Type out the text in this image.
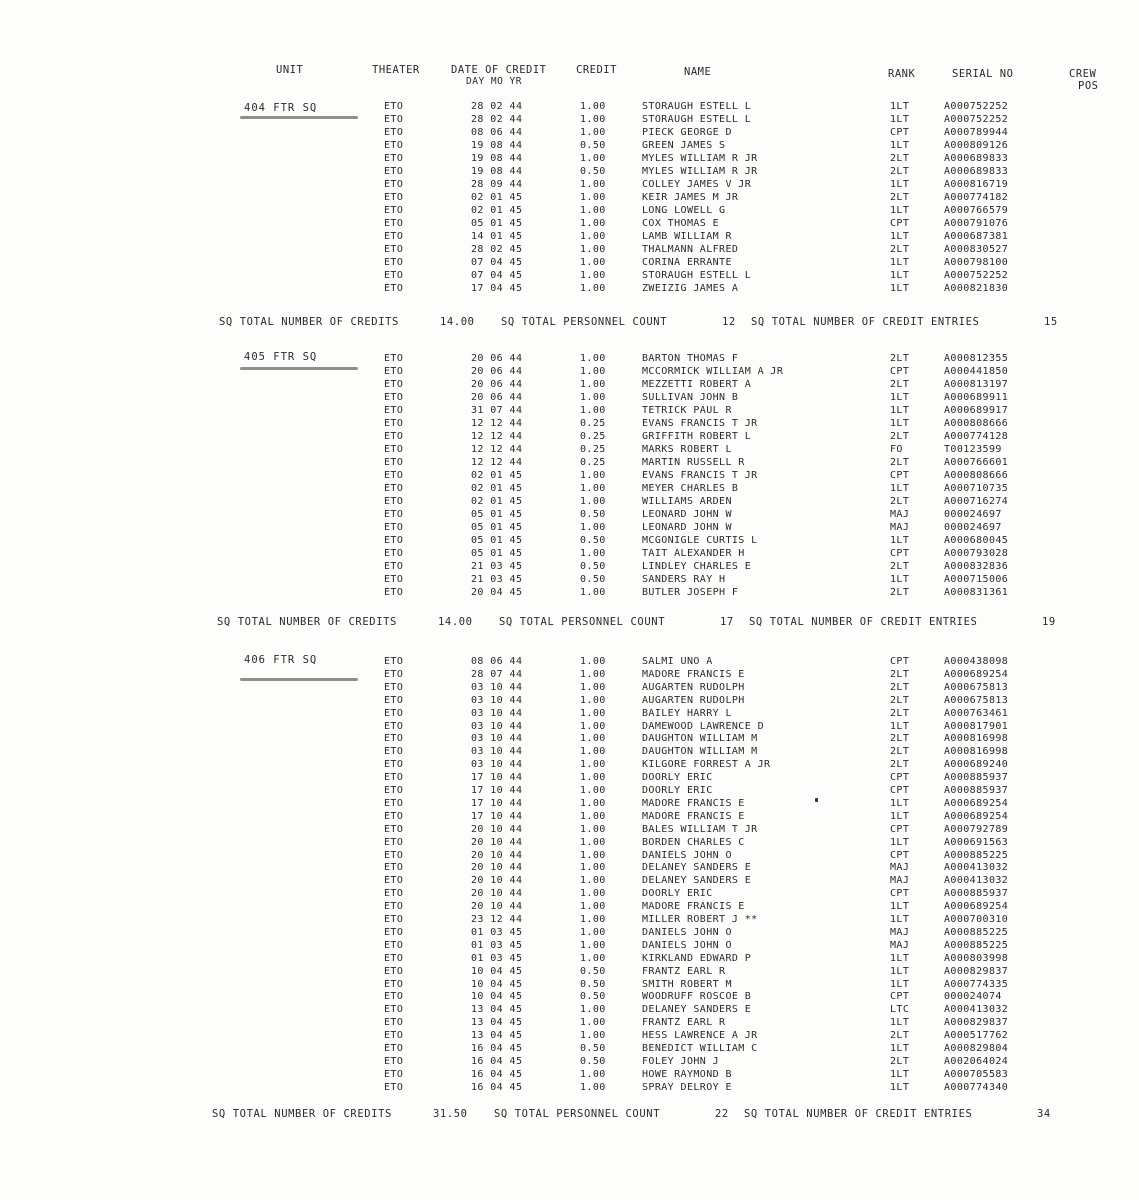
UNIT	THEATER	DATE OF CREDIT
DAY MO YR
CREDIT	NAME	RANK	SERIAL NO	CREW
POS
404 FTR SQ	ETO	28 02 44	1.00	STORAUGH ESTELL L	1LT	A000752252
ETO	28 02 44	1.00	STORAUGH ESTELL L	1LT	A000752252
ETO	08 06 44	1.00	PIECK GEORGE D	CPT	A000789944
ETO	19 08 44	0.50	GREEN JAMES S	1LT	A000809126
ETO	19 08 44	1.00	MYLES WILLIAM R JR	2LT	A000689833
ETO	19 08 44	0.50	MYLES WILLIAM R JR	2LT	A000689833
ETO	28 09 44	1.00	COLLEY JAMES V JR	1LT	A000816719
ETO	02 01 45	1.00	KEIR JAMES M JR	2LT	A000774182
ETO	02 01 45	1.00	LONG LOWELL G	1LT	A000766579
ETO	05 01 45	1.00	COX THOMAS E	CPT	A000791076
ETO	14 01 45	1.00	LAMB WILLIAM R	1LT	A000687381
ETO	28 02 45	1.00	THALMANN ALFRED	2LT	A000830527
ETO	07 04 45	1.00	CORINA ERRANTE	1LT	A000798100
ETO	07 04 45	1.00	STORAUGH ESTELL L	1LT	A000752252
ETO	17 04 45	1.00	ZWEIZIG JAMES A	1LT	A000821830
SQ TOTAL NUMBER OF CREDITS	14.00	SQ TOTAL PERSONNEL COUNT	12 SQ TOTAL NUMBER OF CREDIT ENTRIES	15
405 FTR SQ	ETO	20 06 44	1.00	BARTON THOMAS F	2LT	A000812355
ETO	20 06 44	1.00	MCCORMICK WILLIAM A JR	CPT	A000441850
ETO	20 06 44	1.00	MEZZETTI ROBERT A	2LT	A000813197
ETO	20 06 44	1.00	SULLIVAN JOHN B	1LT	A000689911
ETO	31 07 44	1.00	TETRICK PAUL R	1LT	A000689917
ETO	12 12 44	0.25	EVANS FRANCIS T JR	1LT	A000808666
ETO	12 12 44	0.25	GRIFFITH ROBERT L	2LT	A000774128
ETO	12 12 44	0.25	MARKS ROBERT L	FO	T00123599
ETO	12 12 44	0.25	MARTIN RUSSELL R	2LT	A000766601
ETO	02 01 45	1.00	EVANS FRANCIS T JR	CPT	A000808666
ETO	02 01 45	1.00	MEYER CHARLES B	1LT	A000710735
ETO	02 01 45	1.00	WILLIAMS ARDEN	2LT	A000716274
ETO	05 01 45	0.50	LEONARD JOHN W	MAJ	000024697
ETO	05 01 45	1.00	LEONARD JOHN W	MAJ	000024697
ETO	05 01 45	0.50	MCGONIGLE CURTIS L	1LT	A000680045
ETO	05 01 45	1.00	TAIT ALEXANDER H	CPT	A000793028
ETO	21 03 45	0.50	LINDLEY CHARLES E	2LT	A000832836
ETO	21 03 45	0.50	SANDERS RAY H	1LT	A000715006
ETO	20 04 45	1.00	BUTLER JOSEPH F	2LT	A000831361
SQ TOTAL NUMBER OF CREDITS	14.00	SQ TOTAL PERSONNEL COUNT	17 SQ TOTAL NUMBER OF CREDIT ENTRIES	19
406 FTR SQ	ETO	08 06 44	1.00	SALMI UNO A	CPT	A000438098
ETO	28 07 44	1.00	MADORE FRANCIS E	2LT	A000689254
ETO	03 10 44	1.00	AUGARTEN RUDOLPH	2LT	A000675813
ETO	03 10 44	1.00	AUGARTEN RUDOLPH	2LT	A000675813
ETO	03 10 44	1.00	BAILEY HARRY L	2LT	A000763461
ETO	03 10 44	1.00	DAMEWOOD LAWRENCE D	1LT	A000817901
ETO	03 10 44	1.00	DAUGHTON WILLIAM M	2LT	A000816998
ETO	03 10 44	1.00	DAUGHTON WILLIAM M	2LT	A000816998
ETO	03 10 44	1.00	KILGORE FORREST A JR	2LT	A000689240
ETO	17 10 44	1.00	DOORLY ERIC	CPT	A000885937
ETO	17 10 44	1.00	DOORLY ERIC	CPT	A000885937
ETO	17 10 44	1.00	MADORE FRANCIS E	1LT	A000689254
ETO	17 10 44	1.00	MADORE FRANCIS E	1LT	A000689254
ETO	20 10 44	1.00	BALES WILLIAM T JR	CPT	A000792789
ETO	20 10 44	1.00	BORDEN CHARLES C	1LT	A000691563
ETO	20 10 44	1.00	DANIELS JOHN O	CPT	A000885225
ETO	20 10 44	1.00	DELANEY SANDERS E	MAJ	A000413032
ETO	20 10 44	1.00	DELANEY SANDERS E	MAJ	A000413032
ETO	20 10 44	1.00	DOORLY ERIC	CPT	A000885937
ETO	20 10 44	1.00	MADORE FRANCIS E	1LT	A000689254
ETO	23 12 44	1.00	MILLER ROBERT J **	1LT	A000700310
ETO	01 03 45	1.00	DANIELS JOHN O	MAJ	A000885225
ETO	01 03 45	1.00	DANIELS JOHN O	MAJ	A000885225
ETO	01 03 45	1.00	KIRKLAND EDWARD P	1LT	A000803998
ETO	10 04 45	0.50	FRANTZ EARL R	1LT	A000829837
ETO	10 04 45	0.50	SMITH ROBERT M	1LT	A000774335
ETO	10 04 45	0.50	WOODRUFF ROSCOE B	CPT	000024074
ETO	13 04 45	1.00	DELANEY SANDERS E	LTC	A000413032
ETO	13 04 45	1.00	FRANTZ EARL R	1LT	A000829837
ETO	13 04 45	1.00	HESS LAWRENCE A JR	2LT	A000517762
ETO	16 04 45	0.50	BENEDICT WILLIAM C	1LT	A000829804
ETO	16 04 45	0.50	FOLEY JOHN J	2LT	A002064024
ETO	16 04 45	1.00	HOWE RAYMOND B	1LT	A000705583
ETO	16 04 45	1.00	SPRAY DELROY E	1LT	A000774340
SQ TOTAL NUMBER OF CREDITS	31.50	SQ TOTAL PERSONNEL COUNT	22 SQ TOTAL NUMBER OF CREDIT ENTRIES	34
